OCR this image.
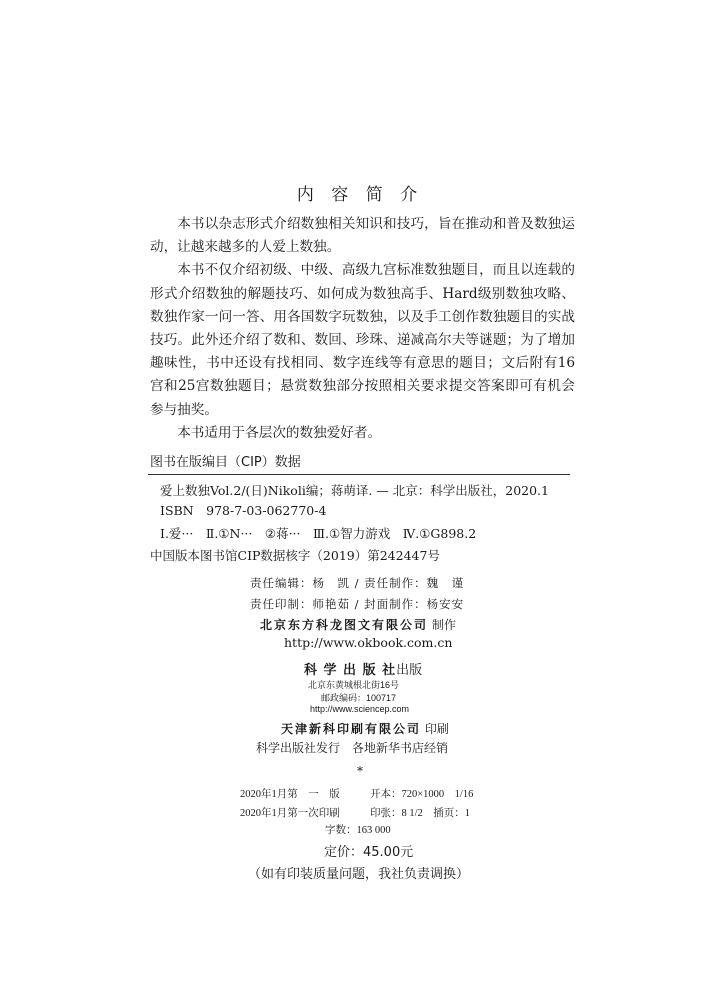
内 容 简 介

本书以杂志形式介绍数独相关知识和技巧，旨在推动和普及数独运动，让越来越多的人爱上数独。

本书不仅介绍初级、中级、高级九宫标准数独题目，而且以连载的形式介绍数独的解题技巧、如何成为数独高手、Hard级别数独攻略、数独作家一问一答、用各国数字玩数独，以及手工创作数独题目的实战技巧。此外还介绍了数和、数回、珍珠、递减高尔夫等谜题；为了增加趣味性，书中还设有找相同、数字连线等有意思的题目；文后附有16宫和25宫数独题目；悬赏数独部分按照相关要求提交答案即可有机会参与抽奖。

本书适用于各层次的数独爱好者。

图书在版编目（CIP）数据
爱上数独Vol.2/(日)Nikoli编；蒋萌译. — 北京：科学出版社，2020.1
ISBN　978-7-03-062770-4
Ⅰ.爱···　Ⅱ.①N···　②蒋···　Ⅲ.①智力游戏　Ⅳ.①G898.2
中国版本图书馆CIP数据核字（2019）第242447号
责任编辑：杨　凯 / 责任制作：魏　谨
责任印制：师艳茹 / 封面制作：杨安安
北京东方科龙图文有限公司 制作
http://www.okbook.com.cn
科 学 出 版 社出版
北京东黄城根北街16号
邮政编码：100717
http://www.sciencep.com
天津新科印刷有限公司 印刷
科学出版社发行　各地新华书店经销
*
2020年1月第　一　版	开本：720×1000　1/16
2020年1月第一次印刷	印张：8 1/2　插页：1
字数：163 000
定价：45.00元
（如有印装质量问题，我社负责调换）
